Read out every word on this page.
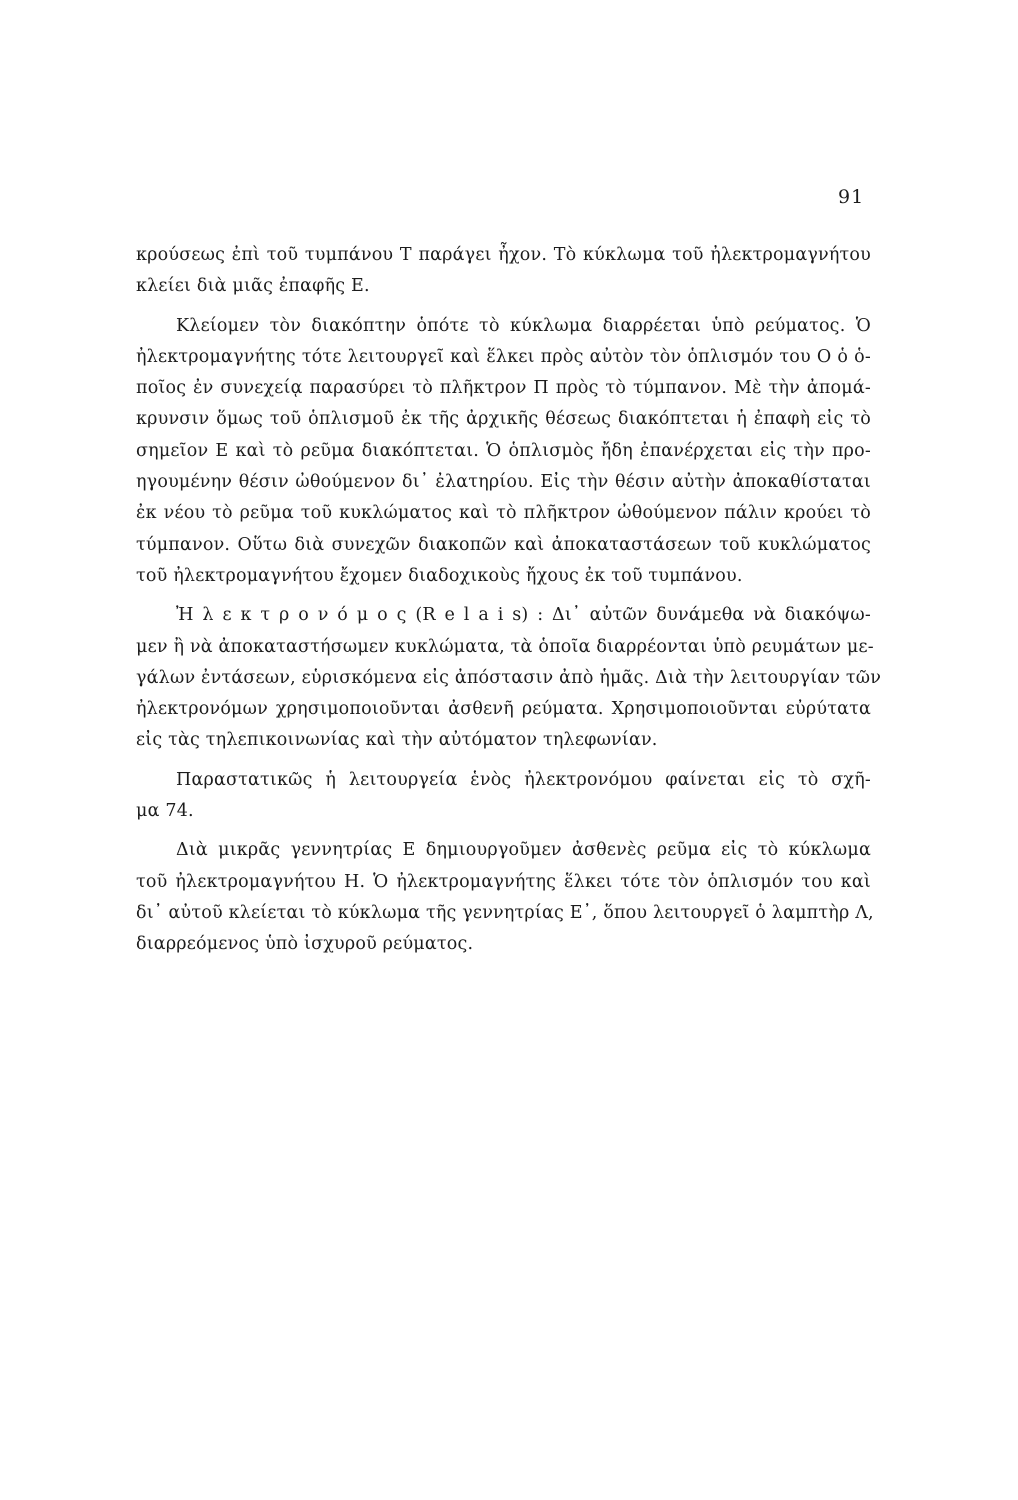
91
κρούσεως ἐπὶ τοῦ τυμπάνου Τ παράγει ἦχον. Τὸ κύκλωμα τοῦ ἠλεκτρομαγνήτου
κλείει διὰ μιᾶς ἐπαφῆς Ε.
Κλείομεν τὸν διακόπτην ὁπότε τὸ κύκλωμα διαρρέεται ὑπὸ ρεύματος. Ὁ
ἠλεκτρομαγνήτης τότε λειτουργεῖ καὶ ἕλκει πρὸς αὐτὸν τὸν ὁπλισμόν του Ο ὁ ὁ-
ποῖος ἐν συνεχείᾳ παρασύρει τὸ πλῆκτρον Π πρὸς τὸ τύμπανον. Μὲ τὴν ἀπομά-
κρυνσιν ὅμως τοῦ ὁπλισμοῦ ἐκ τῆς ἀρχικῆς θέσεως διακόπτεται ἡ ἐπαφὴ εἰς τὸ
σημεῖον Ε καὶ τὸ ρεῦμα διακόπτεται. Ὁ ὁπλισμὸς ἤδη ἐπανέρχεται εἰς τὴν προ-
ηγουμένην θέσιν ὠθούμενον δι᾽ ἐλατηρίου. Εἰς τὴν θέσιν αὐτὴν ἀποκαθίσταται
ἐκ νέου τὸ ρεῦμα τοῦ κυκλώματος καὶ τὸ πλῆκτρον ὠθούμενον πάλιν κρούει τὸ
τύμπανον. Οὕτω διὰ συνεχῶν διακοπῶν καὶ ἀποκαταστάσεων τοῦ κυκλώματος
τοῦ ἠλεκτρομαγνήτου ἔχομεν διαδοχικοὺς ἤχους ἐκ τοῦ τυμπάνου.
Ἠ λ ε κ τ ρ ο ν ό μ ο ς (R e l a i s) : Δι᾽ αὐτῶν δυνάμεθα νὰ διακόψω-
μεν ἢ νὰ ἀποκαταστήσωμεν κυκλώματα, τὰ ὁποῖα διαρρέονται ὑπὸ ρευμάτων με-
γάλων ἐντάσεων, εὑρισκόμενα εἰς ἀπόστασιν ἀπὸ ἡμᾶς. Διὰ τὴν λειτουργίαν τῶν
ἠλεκτρονόμων χρησιμοποιοῦνται ἀσθενῆ ρεύματα. Χρησιμοποιοῦνται εὐρύτατα
εἰς τὰς τηλεπικοινωνίας καὶ τὴν αὐτόματον τηλεφωνίαν.
Παραστατικῶς ἡ λειτουργεία ἑνὸς ἠλεκτρονόμου φαίνεται εἰς τὸ σχῆ-
μα 74.
Διὰ μικρᾶς γεννητρίας Ε δημιουργοῦμεν ἀσθενὲς ρεῦμα εἰς τὸ κύκλωμα
τοῦ ἠλεκτρομαγνήτου Η. Ὁ ἠλεκτρομαγνήτης ἕλκει τότε τὸν ὁπλισμόν του καὶ
δι᾽ αὐτοῦ κλείεται τὸ κύκλωμα τῆς γεννητρίας Ε᾽, ὅπου λειτουργεῖ ὁ λαμπτὴρ Λ,
διαρρεόμενος ὑπὸ ἰσχυροῦ ρεύματος.
